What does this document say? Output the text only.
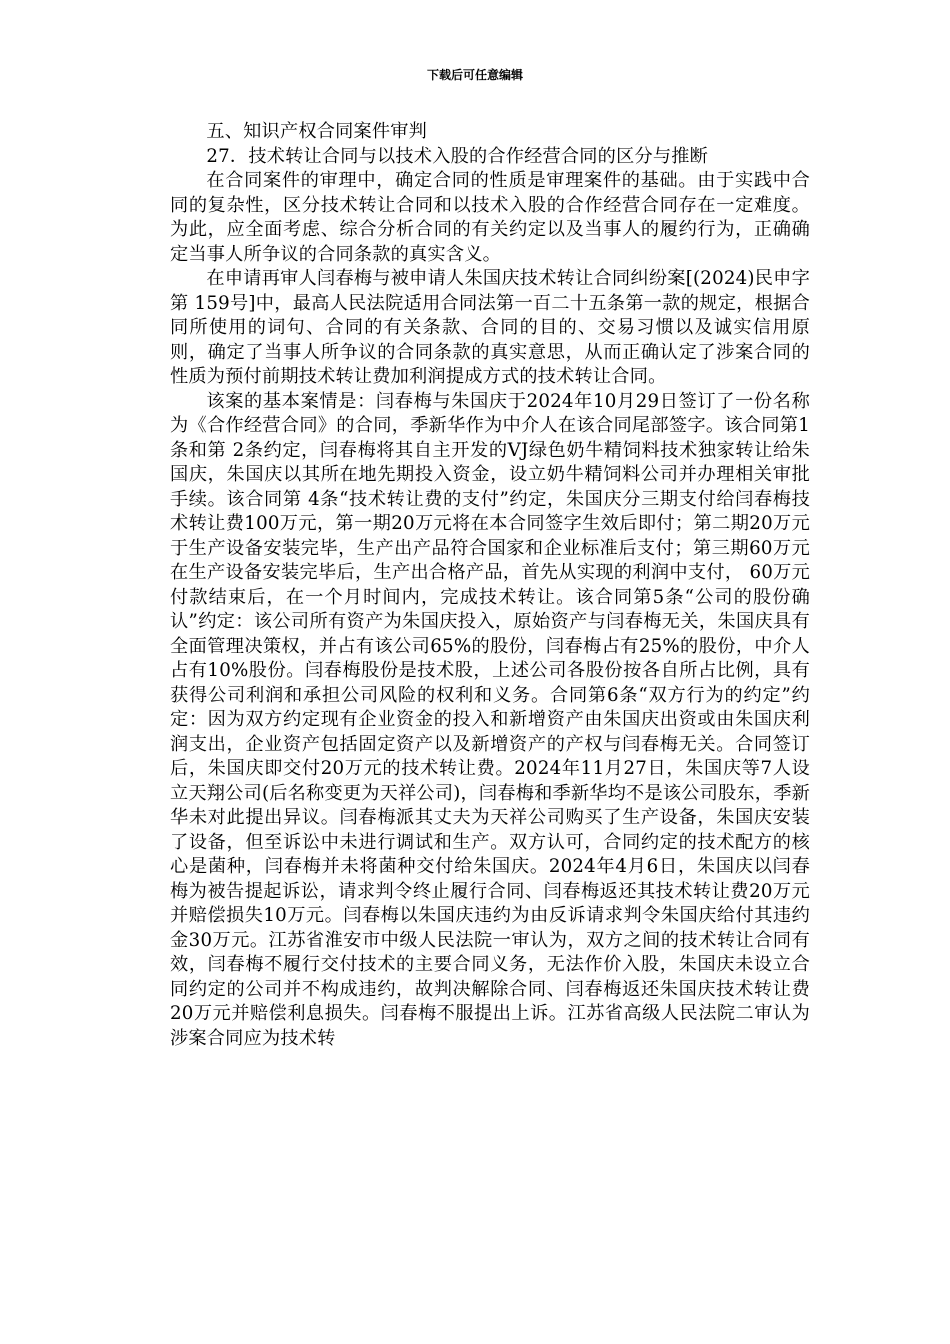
下载后可任意编辑

五、知识产权合同案件审判

27．技术转让合同与以技术入股的合作经营合同的区分与推断

在合同案件的审理中，确定合同的性质是审理案件的基础。由于实践中合同的复杂性，区分技术转让合同和以技术入股的合作经营合同存在一定难度。为此，应全面考虑、综合分析合同的有关约定以及当事人的履约行为，正确确定当事人所争议的合同条款的真实含义。

在申请再审人闫春梅与被申请人朱国庆技术转让合同纠纷案[(2024)民申字第 159号]中，最高人民法院适用合同法第一百二十五条第一款的规定，根据合同所使用的词句、合同的有关条款、合同的目的、交易习惯以及诚实信用原则，确定了当事人所争议的合同条款的真实意思，从而正确认定了涉案合同的性质为预付前期技术转让费加利润提成方式的技术转让合同。

该案的基本案情是：闫春梅与朱国庆于2024年10月29日签订了一份名称为《合作经营合同》的合同，季新华作为中介人在该合同尾部签字。该合同第1条和第 2条约定，闫春梅将其自主开发的VJ绿色奶牛精饲料技术独家转让给朱国庆，朱国庆以其所在地先期投入资金，设立奶牛精饲料公司并办理相关审批手续。该合同第 4条“技术转让费的支付”约定，朱国庆分三期支付给闫春梅技术转让费100万元，第一期20万元将在本合同签字生效后即付；第二期20万元于生产设备安装完毕，生产出产品符合国家和企业标准后支付；第三期60万元在生产设备安装完毕后，生产出合格产品，首先从实现的利润中支付， 60万元付款结束后，在一个月时间内，完成技术转让。该合同第5条“公司的股份确认”约定：该公司所有资产为朱国庆投入，原始资产与闫春梅无关，朱国庆具有全面管理决策权，并占有该公司65%的股份，闫春梅占有25%的股份，中介人占有10%股份。闫春梅股份是技术股，上述公司各股份按各自所占比例，具有获得公司利润和承担公司风险的权利和义务。合同第6条“双方行为的约定”约定：因为双方约定现有企业资金的投入和新增资产由朱国庆出资或由朱国庆利润支出，企业资产包括固定资产以及新增资产的产权与闫春梅无关。合同签订后，朱国庆即交付20万元的技术转让费。2024年11月27日，朱国庆等7人设立天翔公司(后名称变更为天祥公司)，闫春梅和季新华均不是该公司股东，季新华未对此提出异议。闫春梅派其丈夫为天祥公司购买了生产设备，朱国庆安装了设备，但至诉讼中未进行调试和生产。双方认可，合同约定的技术配方的核心是菌种，闫春梅并未将菌种交付给朱国庆。2024年4月6日，朱国庆以闫春梅为被告提起诉讼，请求判令终止履行合同、闫春梅返还其技术转让费20万元并赔偿损失10万元。闫春梅以朱国庆违约为由反诉请求判令朱国庆给付其违约金30万元。江苏省淮安市中级人民法院一审认为，双方之间的技术转让合同有效，闫春梅不履行交付技术的主要合同义务，无法作价入股，朱国庆未设立合同约定的公司并不构成违约，故判决解除合同、闫春梅返还朱国庆技术转让费 20万元并赔偿利息损失。闫春梅不服提出上诉。江苏省高级人民法院二审认为涉案合同应为技术转
